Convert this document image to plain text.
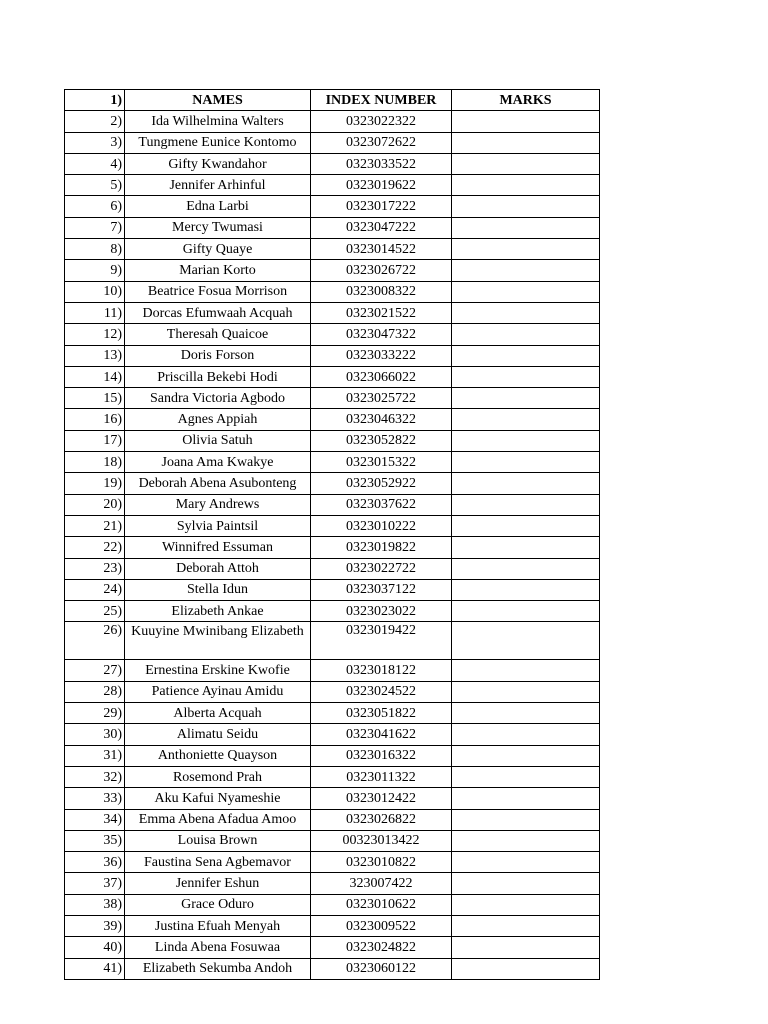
1)	NAMES	INDEX NUMBER	MARKS
2)	Ida Wilhelmina Walters	0323022322	
3)	Tungmene Eunice Kontomo	0323072622	
4)	Gifty Kwandahor	0323033522	
5)	Jennifer Arhinful	0323019622	
6)	Edna Larbi	0323017222	
7)	Mercy Twumasi	0323047222	
8)	Gifty Quaye	0323014522	
9)	Marian Korto	0323026722	
10)	Beatrice Fosua Morrison	0323008322	
11)	Dorcas Efumwaah Acquah	0323021522	
12)	Theresah Quaicoe	0323047322	
13)	Doris Forson	0323033222	
14)	Priscilla Bekebi Hodi	0323066022	
15)	Sandra Victoria Agbodo	0323025722	
16)	Agnes Appiah	0323046322	
17)	Olivia Satuh	0323052822	
18)	Joana Ama Kwakye	0323015322	
19)	Deborah Abena Asubonteng	0323052922	
20)	Mary Andrews	0323037622	
21)	Sylvia Paintsil	0323010222	
22)	Winnifred Essuman	0323019822	
23)	Deborah Attoh	0323022722	
24)	Stella Idun	0323037122	
25)	Elizabeth Ankae	0323023022	
26)	Kuuyine Mwinibang Elizabeth	0323019422	
27)	Ernestina Erskine Kwofie	0323018122	
28)	Patience Ayinau Amidu	0323024522	
29)	Alberta Acquah	0323051822	
30)	Alimatu Seidu	0323041622	
31)	Anthoniette Quayson	0323016322	
32)	Rosemond Prah	0323011322	
33)	Aku Kafui Nyameshie	0323012422	
34)	Emma Abena Afadua Amoo	0323026822	
35)	Louisa Brown	00323013422	
36)	Faustina Sena Agbemavor	0323010822	
37)	Jennifer Eshun	323007422	
38)	Grace Oduro	0323010622	
39)	Justina Efuah Menyah	0323009522	
40)	Linda Abena Fosuwaa	0323024822	
41)	Elizabeth Sekumba Andoh	0323060122	
